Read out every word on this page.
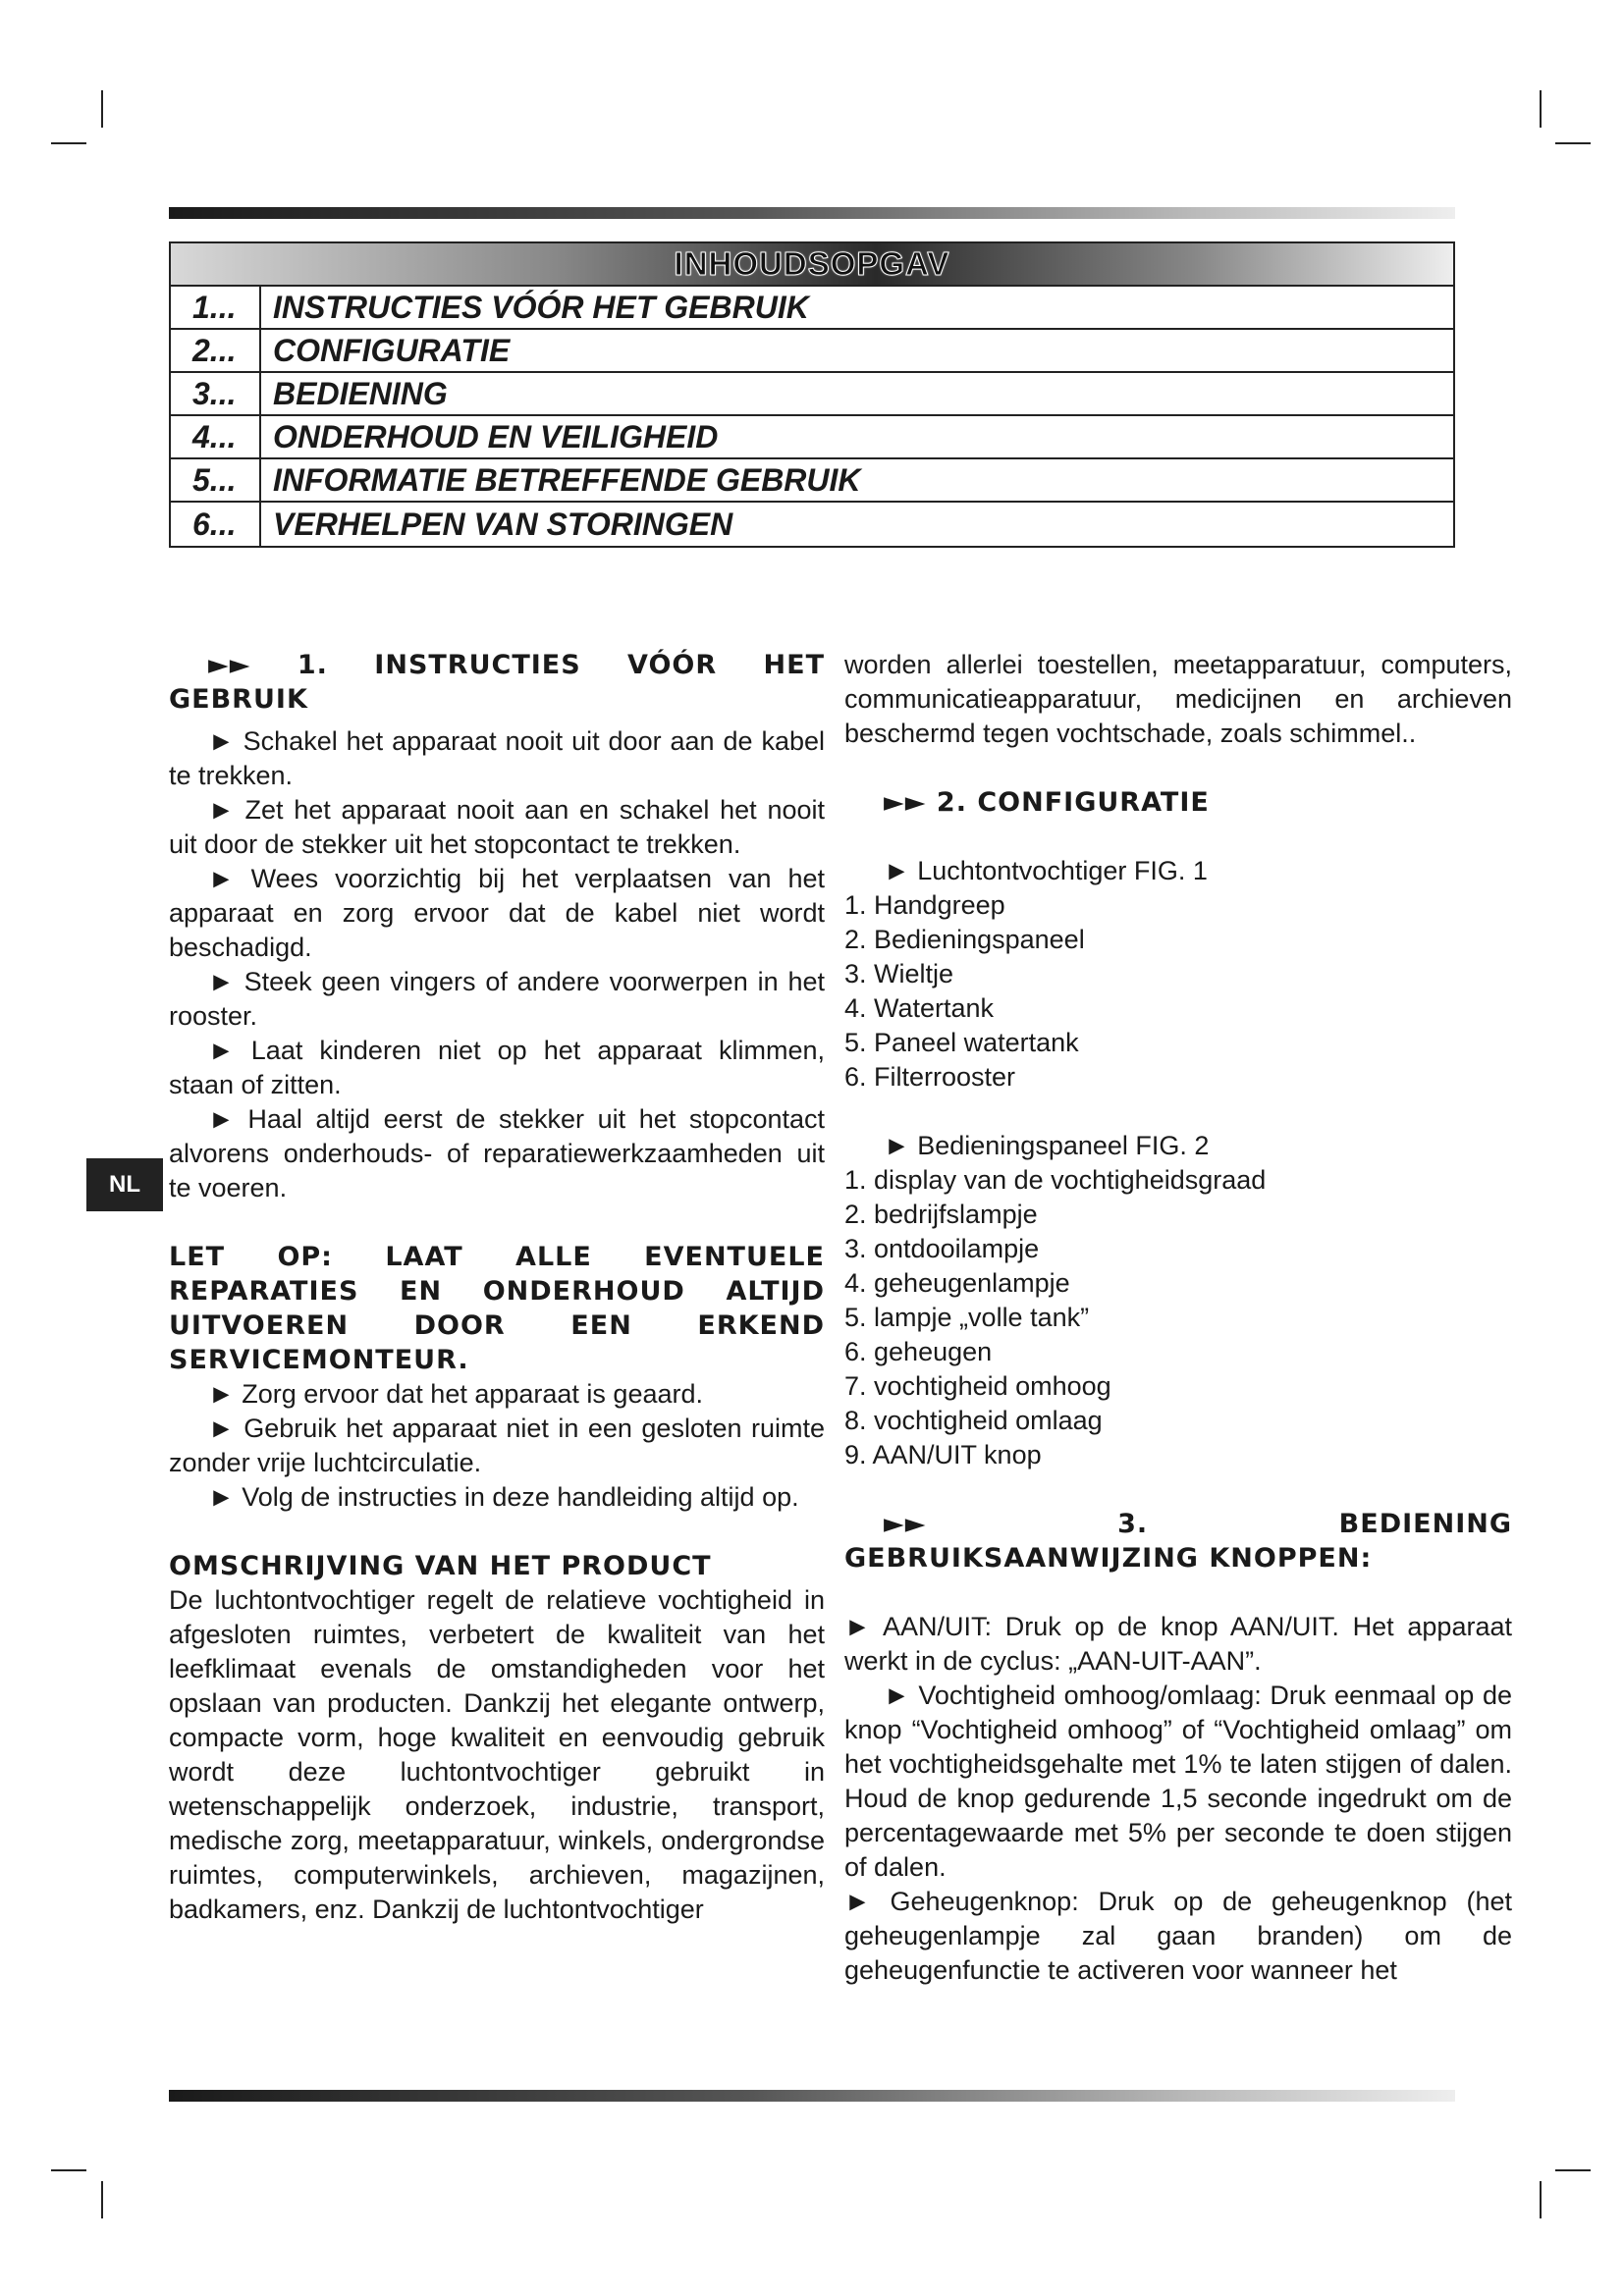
INHOUDSOPGAV
1...	INSTRUCTIES VÓÓR HET GEBRUIK
2...	CONFIGURATIE
3...	BEDIENING
4...	ONDERHOUD EN VEILIGHEID
5...	INFORMATIE BETREFFENDE GEBRUIK
6...	VERHELPEN VAN STORINGEN
NL
►► 1. INSTRUCTIES VÓÓR HET GEBRUIK

► Schakel het apparaat nooit uit door aan de kabel te trekken.

► Zet het apparaat nooit aan en schakel het nooit uit door de stekker uit het stopcontact te trekken.

► Wees voorzichtig bij het verplaatsen van het apparaat en zorg ervoor dat de kabel niet wordt beschadigd.

► Steek geen vingers of andere voorwerpen in het rooster.

► Laat kinderen niet op het apparaat klimmen, staan of zitten.

► Haal altijd eerst de stekker uit het stopcontact alvorens onderhouds- of reparatiewerkzaamheden uit te voeren.

LET OP: LAAT ALLE EVENTUELE REPARATIES EN ONDERHOUD ALTIJD UITVOEREN DOOR EEN ERKEND SERVICEMONTEUR.

► Zorg ervoor dat het apparaat is geaard.

► Gebruik het apparaat niet in een gesloten ruimte zonder vrije luchtcirculatie.

► Volg de instructies in deze handleiding altijd op.

OMSCHRIJVING VAN HET PRODUCT

De luchtontvochtiger regelt de relatieve vochtigheid in afgesloten ruimtes, verbetert de kwaliteit van het leefklimaat evenals de omstandigheden voor het opslaan van producten. Dankzij het elegante ontwerp, compacte vorm, hoge kwaliteit en eenvoudig gebruik wordt deze luchtontvochtiger gebruikt in wetenschappelijk onderzoek, industrie, transport, medische zorg, meetapparatuur, winkels, ondergrondse ruimtes, computerwinkels, archieven, magazijnen, badkamers, enz. Dankzij de luchtontvochtiger

worden allerlei toestellen, meetapparatuur, computers, communicatieapparatuur, medicijnen en archieven beschermd tegen vochtschade, zoals schimmel..

►► 2. CONFIGURATIE

► Luchtontvochtiger FIG. 1

1. Handgreep

2. Bedieningspaneel

3. Wieltje

4. Watertank

5. Paneel watertank

6. Filterrooster

► Bedieningspaneel FIG. 2

1. display van de vochtigheidsgraad

2. bedrijfslampje

3. ontdooilampje

4. geheugenlampje

5. lampje „volle tank”

6. geheugen

7. vochtigheid omhoog

8. vochtigheid omlaag

9. AAN/UIT knop

►► 3. BEDIENING GEBRUIKSAANWIJZING KNOPPEN:

► AAN/UIT: Druk op de knop AAN/UIT. Het apparaat werkt in de cyclus: „AAN-UIT-AAN”.

► Vochtigheid omhoog/omlaag: Druk eenmaal op de knop “Vochtigheid omhoog” of “Vochtigheid omlaag” om het vochtigheidsgehalte met 1% te laten stijgen of dalen. Houd de knop gedurende 1,5 seconde ingedrukt om de percentagewaarde met 5% per seconde te doen stijgen of dalen.

► Geheugenknop: Druk op de geheugenknop (het geheugenlampje zal gaan branden) om de geheugenfunctie te activeren voor wanneer het
